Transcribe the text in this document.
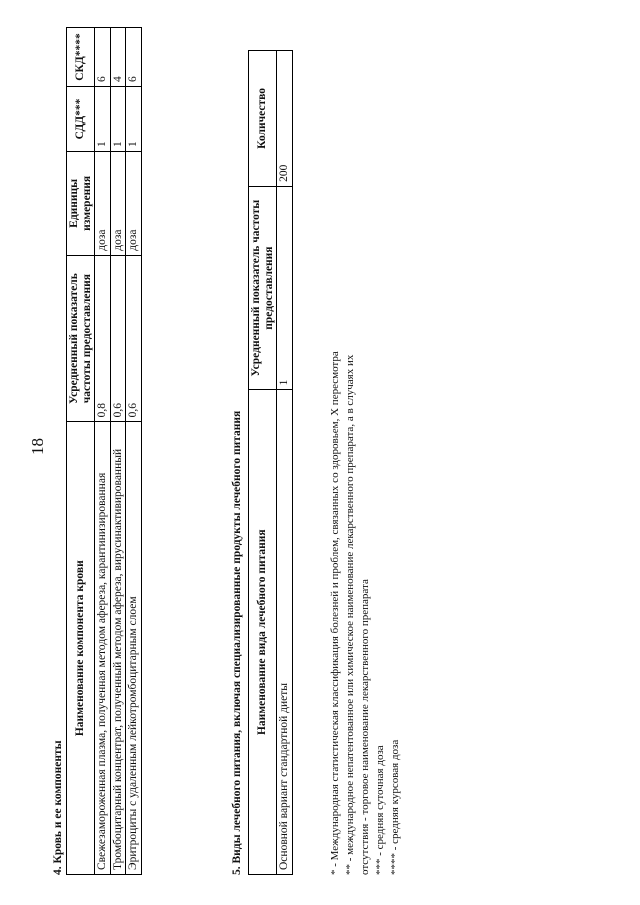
18
4. Кровь и ее компоненты
Наименование компонента крови	Усредненный показатель частоты предоставления	Единицы измерения	СДД***	СКД****
Свежезамороженная плазма, полученная методом афереза, карантинизированная	0,8	доза	1	6
Тромбоцитарный концентрат, полученный методом афереза, вирусинактивированный	0,6	доза	1	4
Эритроциты с удаленным лейкотромбоцитарным слоем	0,6	доза	1	6
5. Виды лечебного питания, включая специализированные продукты лечебного питания Наименование вида лечебного питания	Усредненный показатель частоты предоставления	Количество
Основной вариант стандартной диеты	1	200
* - Международная статистическая классификация болезней и проблем, связанных со здоровьем, X пересмотра ** - международное непатентованное или химическое наименование лекарственного препарата, а в случаях их отсутствия - торговое наименование лекарственного препарата *** - средняя суточная доза **** - средняя курсовая доза
